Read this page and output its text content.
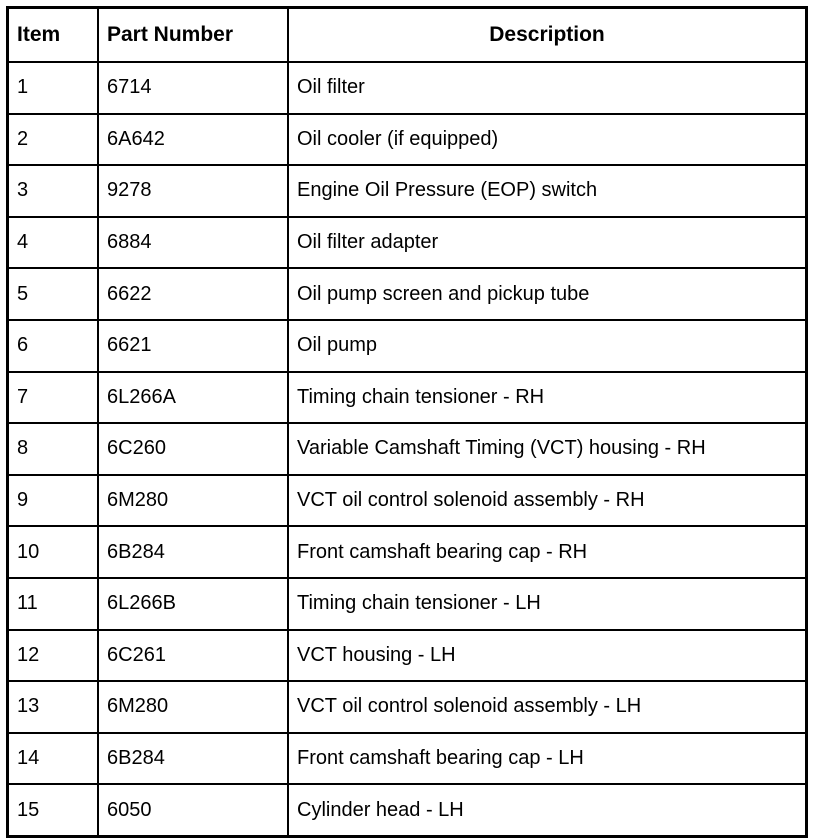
Item	Part Number	Description
1	6714	Oil filter
2	6A642	Oil cooler (if equipped)
3	9278	Engine Oil Pressure (EOP) switch
4	6884	Oil filter adapter
5	6622	Oil pump screen and pickup tube
6	6621	Oil pump
7	6L266A	Timing chain tensioner - RH
8	6C260	Variable Camshaft Timing (VCT) housing - RH
9	6M280	VCT oil control solenoid assembly - RH
10	6B284	Front camshaft bearing cap - RH
11	6L266B	Timing chain tensioner - LH
12	6C261	VCT housing - LH
13	6M280	VCT oil control solenoid assembly - LH
14	6B284	Front camshaft bearing cap - LH
15	6050	Cylinder head - LH
